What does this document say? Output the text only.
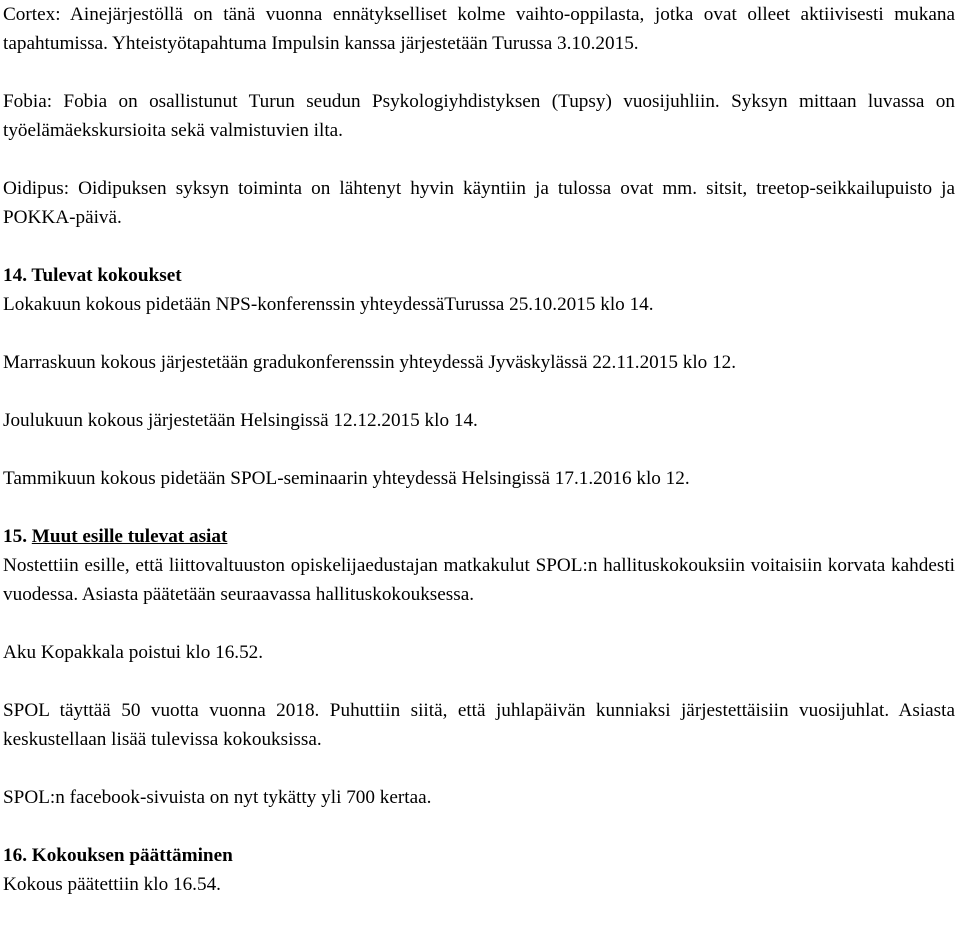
Cortex: Ainejärjestöllä on tänä vuonna ennätykselliset kolme vaihto-oppilasta, jotka ovat olleet aktiivisesti mukana tapahtumissa. Yhteistyötapahtuma Impulsin kanssa järjestetään Turussa 3.10.2015.

Fobia: Fobia on osallistunut Turun seudun Psykologiyhdistyksen (Tupsy) vuosijuhliin. Syksyn mittaan luvassa on työelämäekskursioita sekä valmistuvien ilta.

Oidipus: Oidipuksen syksyn toiminta on lähtenyt hyvin käyntiin ja tulossa ovat mm. sitsit, treetop-seikkailupuisto ja POKKA-päivä.

14. Tulevat kokoukset

Lokakuun kokous pidetään NPS-konferenssin yhteydessäTurussa 25.10.2015 klo 14.

Marraskuun kokous järjestetään gradukonferenssin yhteydessä Jyväskylässä 22.11.2015 klo 12.

Joulukuun kokous järjestetään Helsingissä 12.12.2015 klo 14.

Tammikuun kokous pidetään SPOL-seminaarin yhteydessä Helsingissä 17.1.2016 klo 12.

15. Muut esille tulevat asiat

Nostettiin esille, että liittovaltuuston opiskelijaedustajan matkakulut SPOL:n hallituskokouksiin voitaisiin korvata kahdesti vuodessa. Asiasta päätetään seuraavassa hallituskokouksessa.

Aku Kopakkala poistui klo 16.52.

SPOL täyttää 50 vuotta vuonna 2018. Puhuttiin siitä, että juhlapäivän kunniaksi järjestettäisiin vuosijuhlat. Asiasta keskustellaan lisää tulevissa kokouksissa.

SPOL:n facebook-sivuista on nyt tykätty yli 700 kertaa.

16. Kokouksen päättäminen

Kokous päätettiin klo 16.54.
